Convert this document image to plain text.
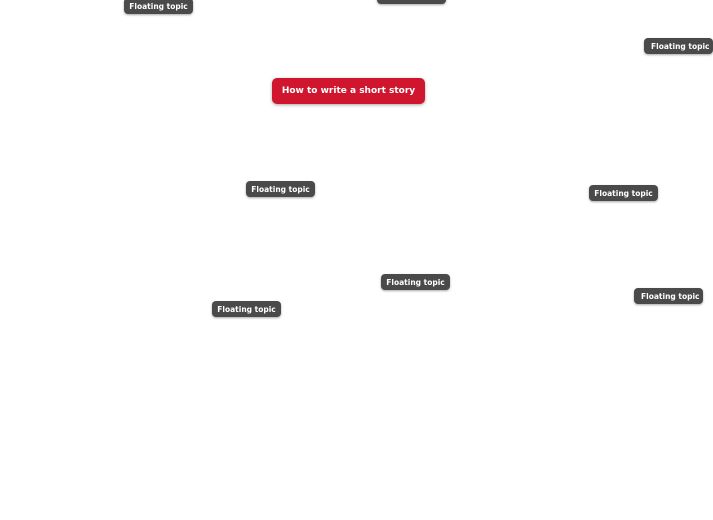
How to write a short story
Floating topic
Floating topic
Floating topic	Floating topic
Floating topic
Floating topic
Floating topic
